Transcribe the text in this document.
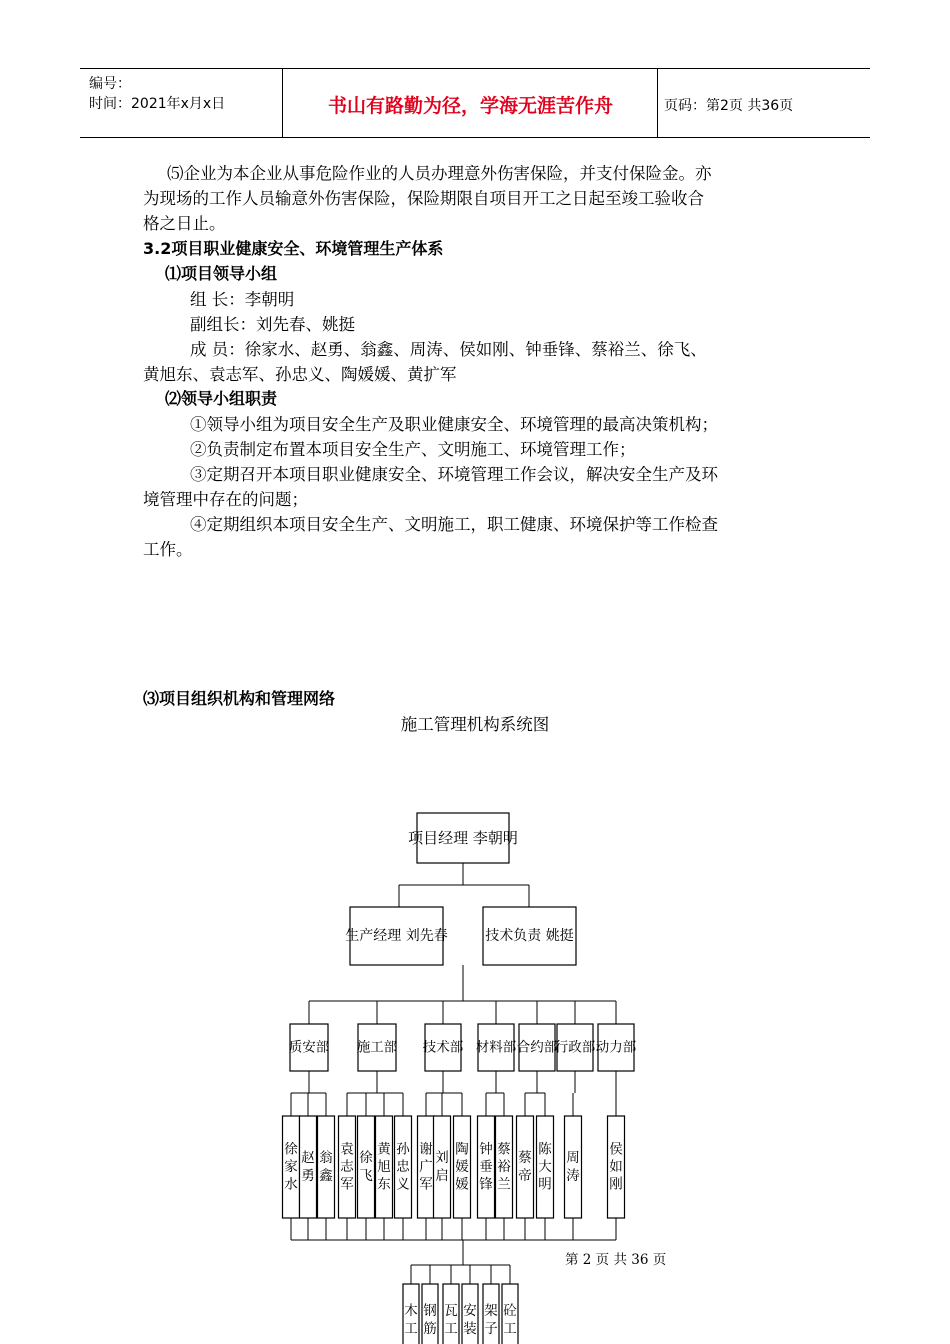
编号：
时间：2021年x月x日	书山有路勤为径，学海无涯苦作舟	页码：第2页 共36页
⑸企业为本企业从事危险作业的人员办理意外伤害保险，并支付保险金。亦
为现场的工作人员输意外伤害保险，保险期限自项目开工之日起至竣工验收合
格之日止。
3.2项目职业健康安全、环境管理生产体系
⑴项目领导小组
组 长：李朝明
副组长：刘先春、姚挺
成 员：徐家水、赵勇、翁鑫、周涛、侯如刚、钟垂锋、蔡裕兰、徐飞、
黄旭东、袁志军、孙忠义、陶媛媛、黄扩军
⑵领导小组职责
①领导小组为项目安全生产及职业健康安全、环境管理的最高决策机构；
②负责制定布置本项目安全生产、文明施工、环境管理工作；
③定期召开本项目职业健康安全、环境管理工作会议，解决安全生产及环
境管理中存在的问题；
④定期组织本项目安全生产、文明施工，职工健康、环境保护等工作检查
工作。
⑶项目组织机构和管理网络
施工管理机构系统图
项目经理 李朝明
生产经理 刘先春	技术负责 姚挺
质安部 施工部 技术部 材料部 合约部
行政部 动力部
徐家水
赵勇
翁鑫
袁志军
徐飞
黄旭东
孙忠义
谢广军
刘启
陶媛媛
钟垂锋
蔡裕兰
蔡帝
陈大明
周涛
侯如刚
木工
钢筋
瓦工
安装
架子
砼工
第 2 页 共 36 页
